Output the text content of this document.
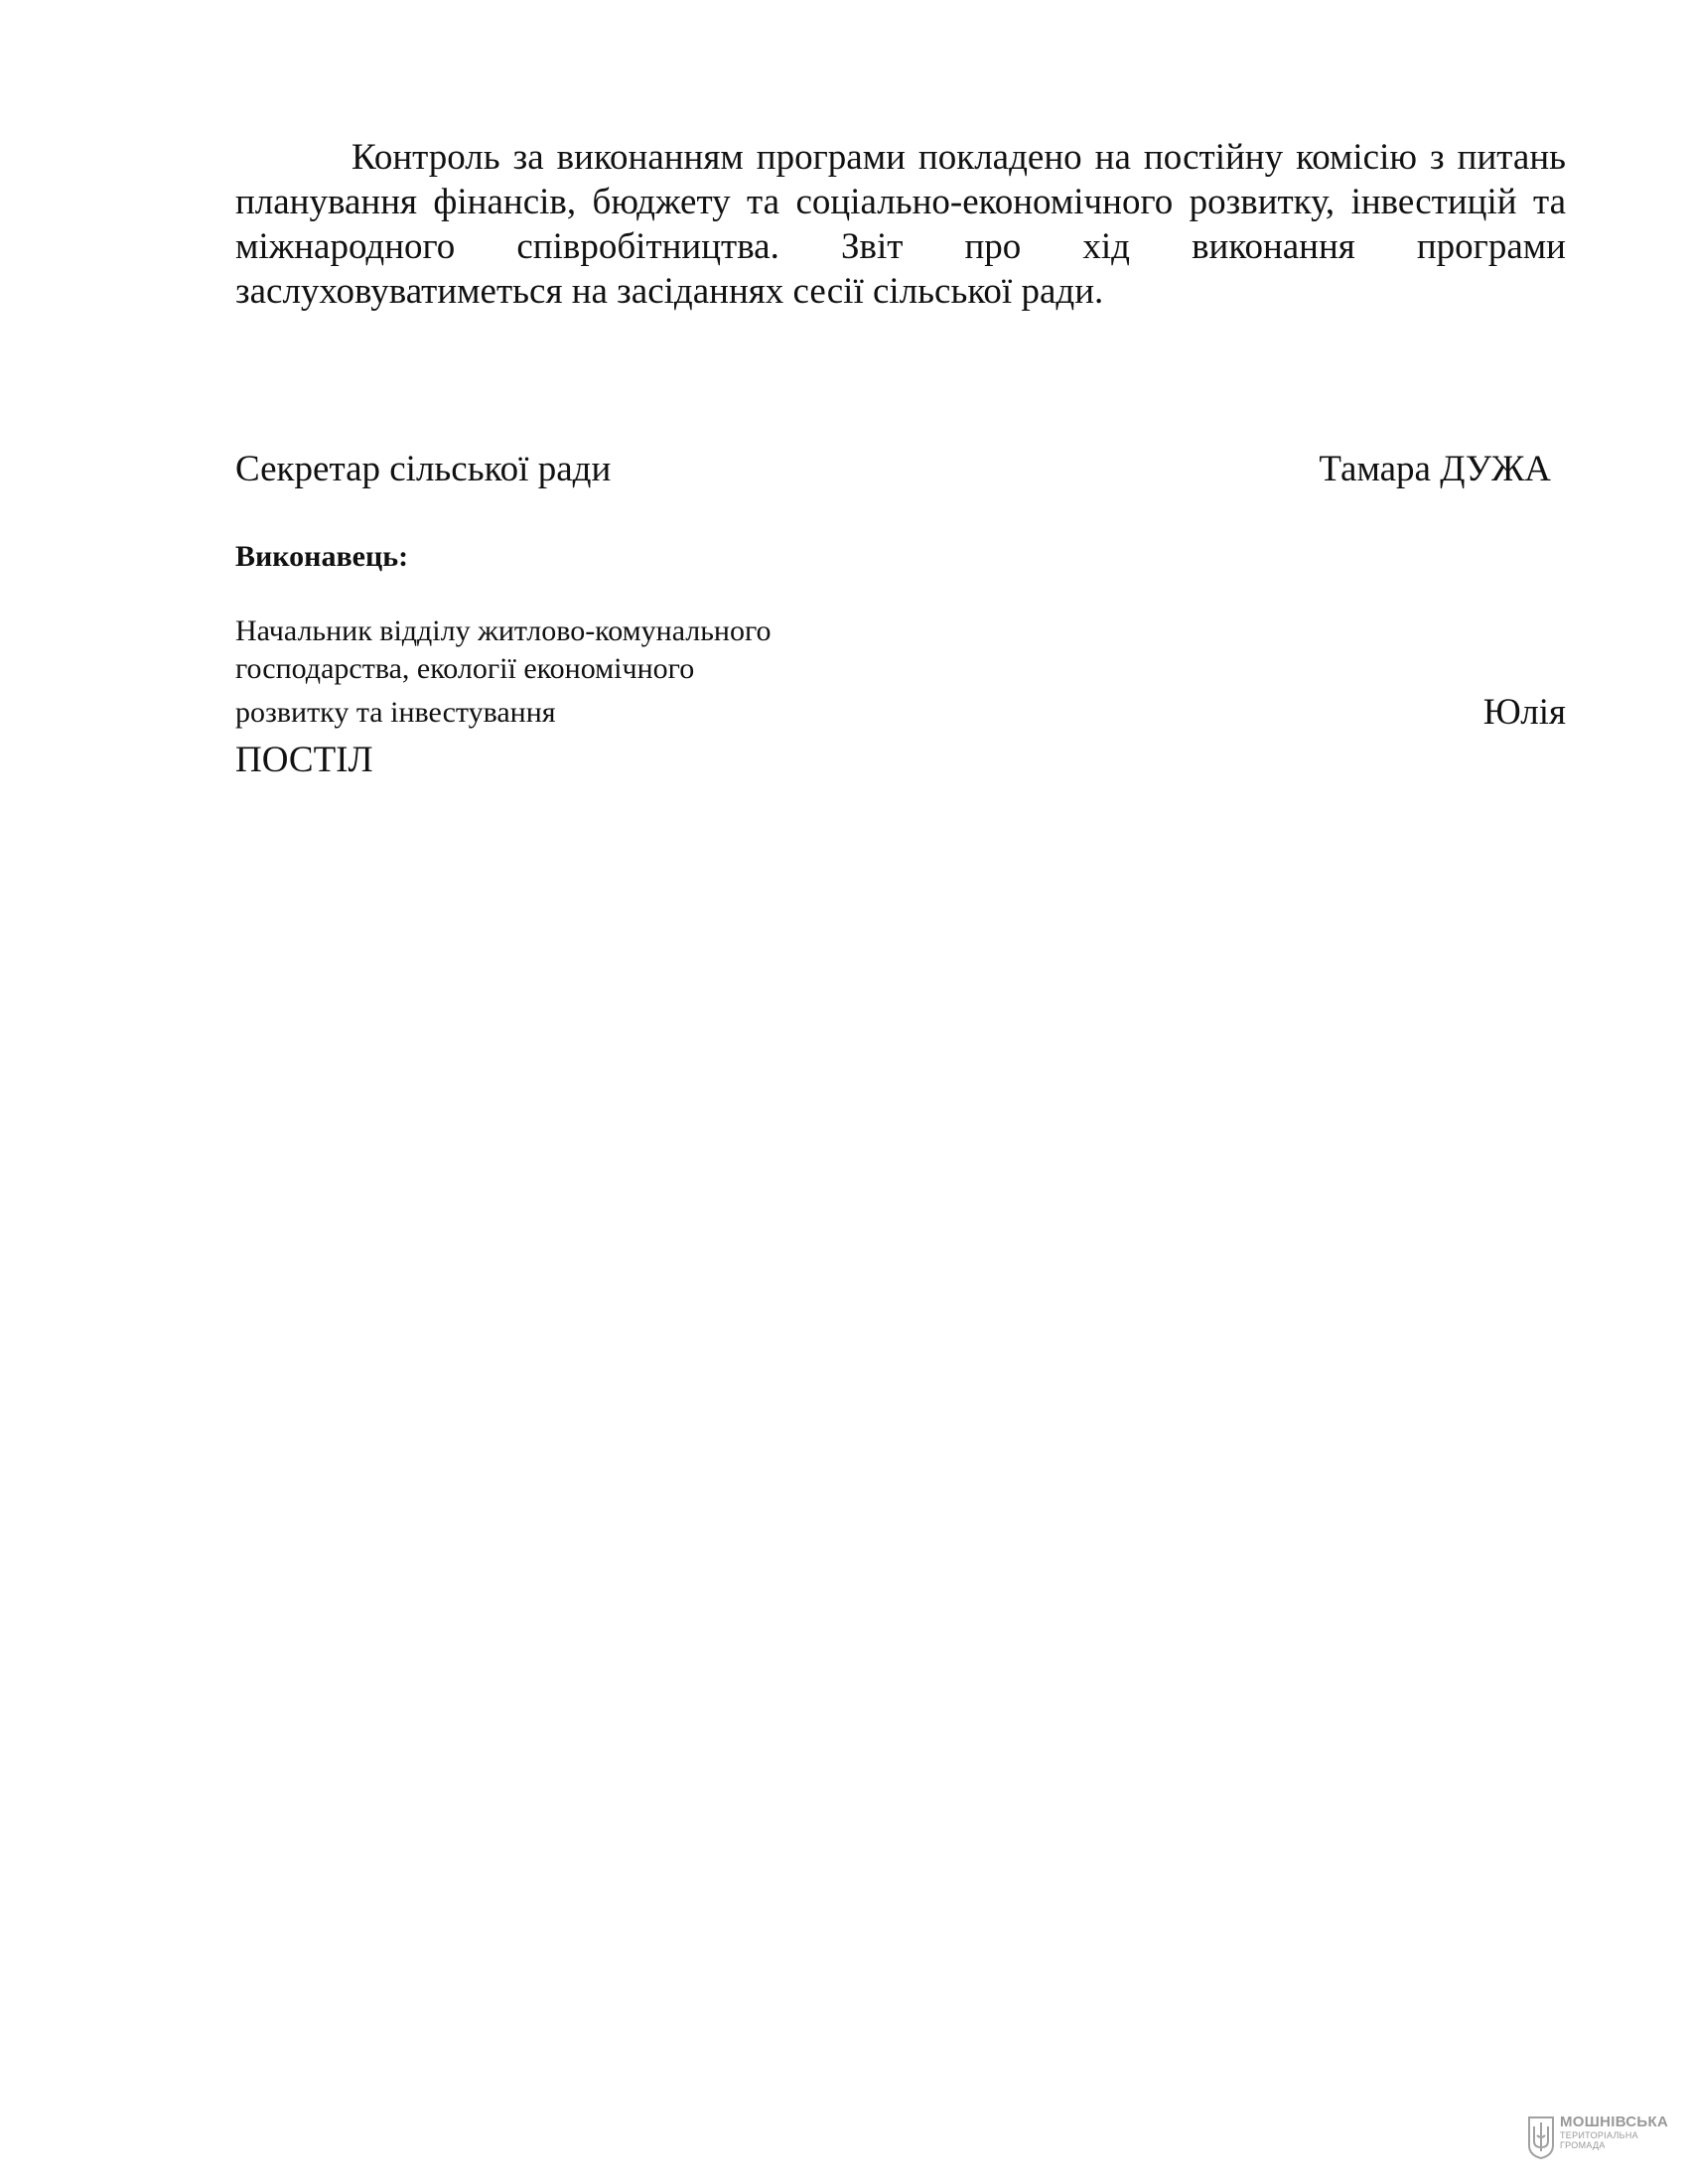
Контроль за виконанням програми покладено на постійну комісію з питань планування фінансів, бюджету та соціально-економічного розвитку, інвестицій та міжнародного співробітництва. Звіт про хід виконання програми заслуховуватиметься на засіданнях сесії сільської ради.

Секретар сільської ради	Тамара ДУЖА
Виконавець:
Начальник відділу житлово-комунального
господарства, екології економічного
розвитку та інвестування	Юлія
ПОСТІЛ
МОШНІВСЬКА
ТЕРИТОРІАЛЬНА
ГРОМАДА
